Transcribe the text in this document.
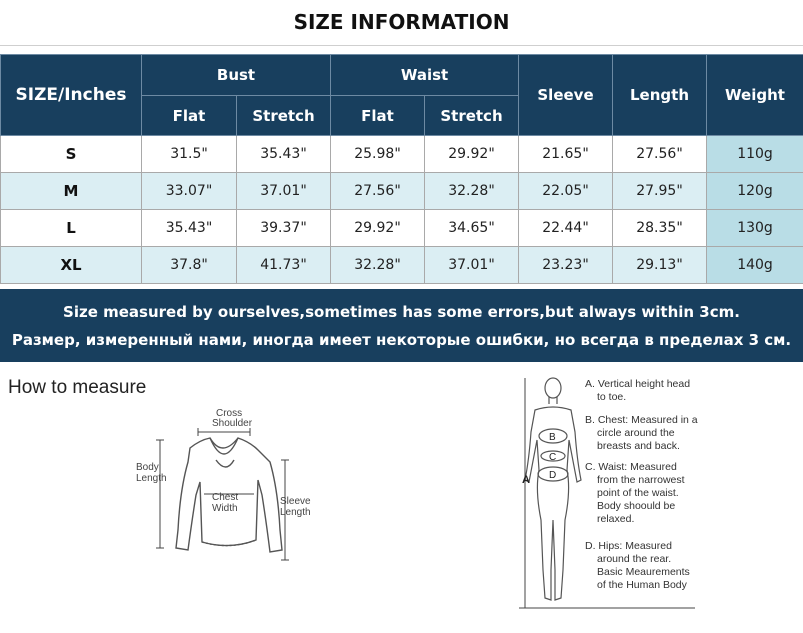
SIZE INFORMATION
SIZE/Inches	Bust		Waist		Sleeve	Length	Weight
	Flat	Stretch	Flat	Stretch			
S	31.5"	35.43"	25.98"	29.92"	21.65"	27.56"	110g
M	33.07"	37.01"	27.56"	32.28"	22.05"	27.95"	120g
L	35.43"	39.37"	29.92"	34.65"	22.44"	28.35"	130g
XL	37.8"	41.73"	32.28"	37.01"	23.23"	29.13"	140g
Size measured by ourselves,sometimes has some errors,but always within 3cm.
Размер, измеренный нами, иногда имеет некоторые ошибки, но всегда в пределах 3 см.
How to measure
Cross
Shoulder
Body
Length
Chest
Width
Sleeve
Length
A
B
C
D
A. Vertical height head
to toe.
B. Chest: Measured in a
circle around the
breasts and back.
C. Waist: Measured
from the narrowest
point of the waist.
Body shoould be
relaxed.
D. Hips: Measured
around the rear.
Basic Meaurements
of the Human Body
